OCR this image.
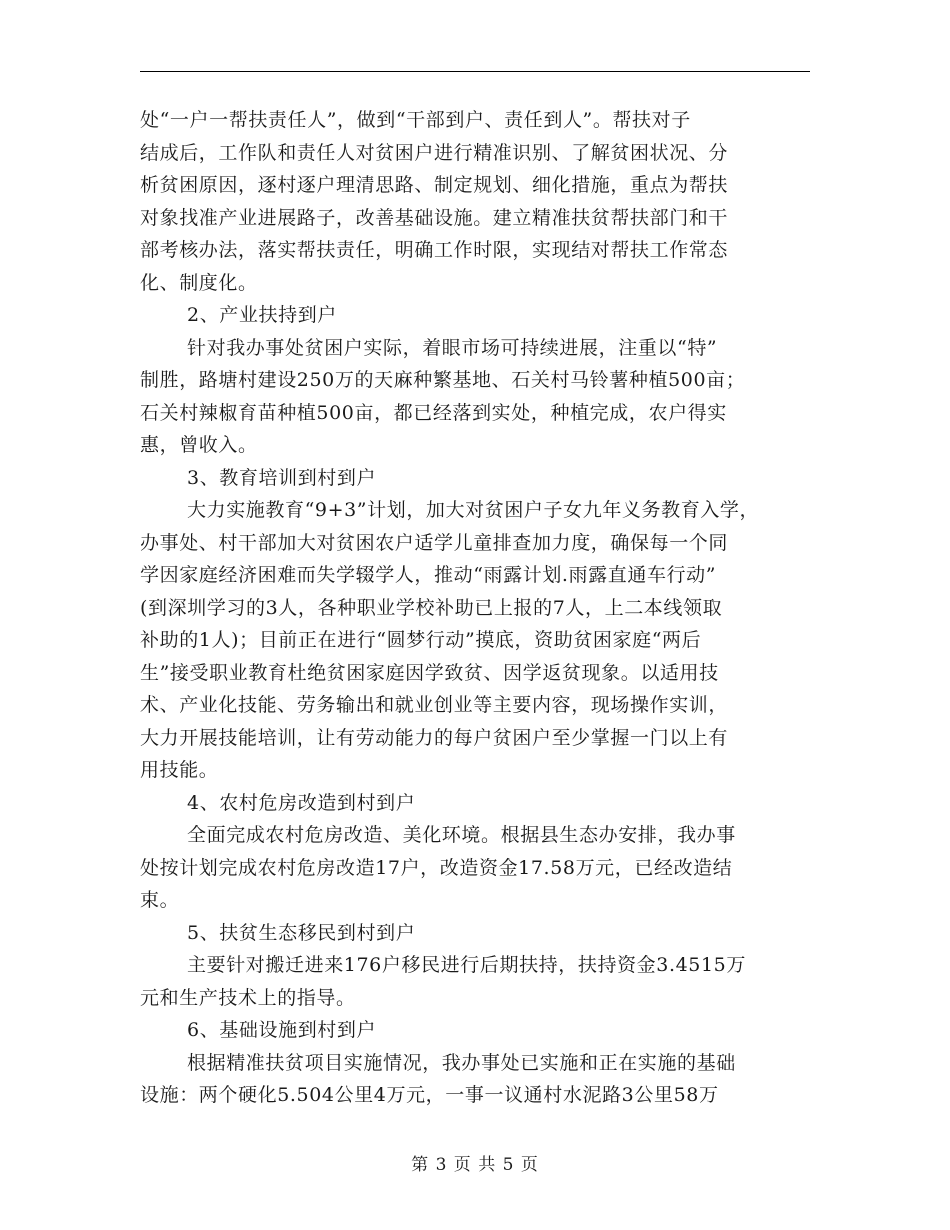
处“一户一帮扶责任人”，做到“干部到户、责任到人”。帮扶对子
结成后，工作队和责任人对贫困户进行精准识别、了解贫困状况、分
析贫困原因，逐村逐户理清思路、制定规划、细化措施，重点为帮扶
对象找准产业进展路子，改善基础设施。建立精准扶贫帮扶部门和干
部考核办法，落实帮扶责任，明确工作时限，实现结对帮扶工作常态
化、制度化。
2、产业扶持到户
针对我办事处贫困户实际，着眼市场可持续进展，注重以“特”
制胜，路塘村建设250万的天麻种繁基地、石关村马铃薯种植500亩；
石关村辣椒育苗种植500亩，都已经落到实处，种植完成，农户得实
惠，曾收入。
3、教育培训到村到户
大力实施教育“9+3”计划，加大对贫困户子女九年义务教育入学，
办事处、村干部加大对贫困农户适学儿童排查加力度，确保每一个同
学因家庭经济困难而失学辍学人，推动“雨露计划.雨露直通车行动”
(到深圳学习的3人，各种职业学校补助已上报的7人，上二本线领取
补助的1人)；目前正在进行“圆梦行动”摸底，资助贫困家庭“两后
生”接受职业教育杜绝贫困家庭因学致贫、因学返贫现象。以适用技
术、产业化技能、劳务输出和就业创业等主要内容，现场操作实训，
大力开展技能培训，让有劳动能力的每户贫困户至少掌握一门以上有
用技能。
4、农村危房改造到村到户
全面完成农村危房改造、美化环境。根据县生态办安排，我办事
处按计划完成农村危房改造17户，改造资金17.58万元，已经改造结
束。
5、扶贫生态移民到村到户
主要针对搬迁进来176户移民进行后期扶持，扶持资金3.4515万
元和生产技术上的指导。
6、基础设施到村到户
根据精准扶贫项目实施情况，我办事处已实施和正在实施的基础
设施：两个硬化5.504公里4万元，一事一议通村水泥路3公里58万
第 3 页 共 5 页
